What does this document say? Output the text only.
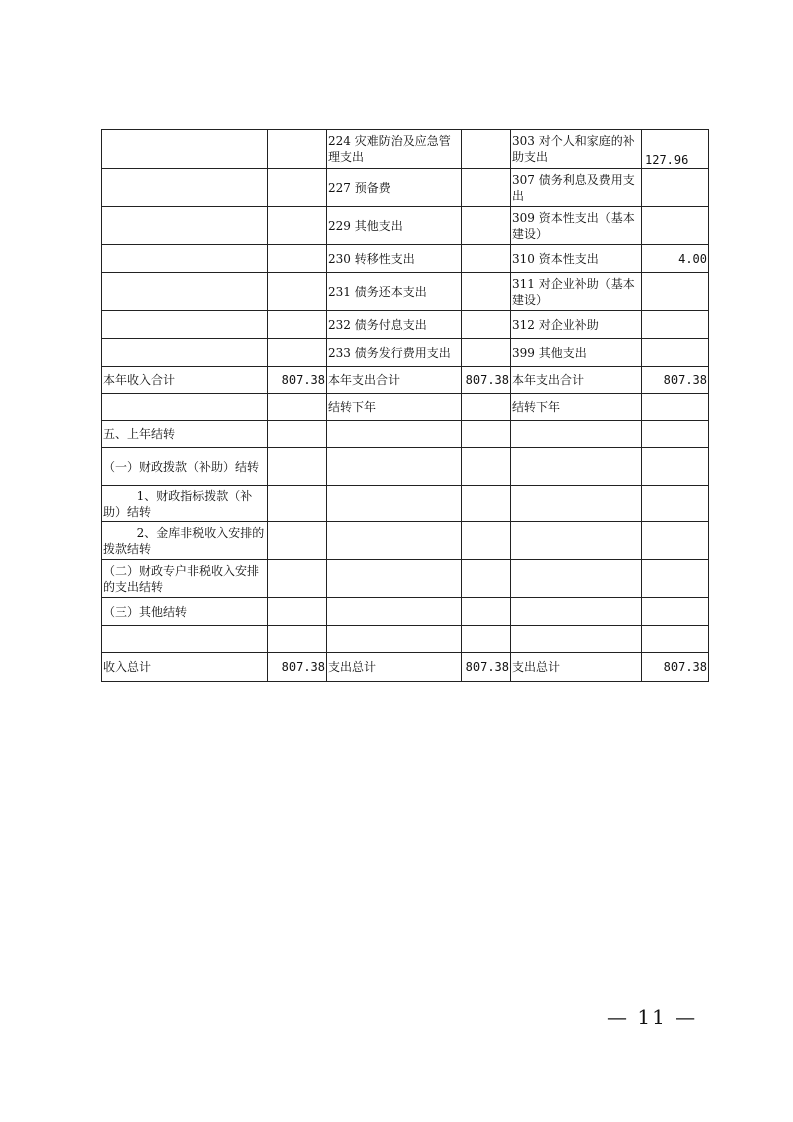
		224 灾难防治及应急管理支出		303 对个人和家庭的补助支出	127.96
		227 预备费		307 债务利息及费用支出	
		229 其他支出		309 资本性支出（基本建设）	
		230 转移性支出		310 资本性支出	4.00
		231 债务还本支出		311 对企业补助（基本建设）	
		232 债务付息支出		312 对企业补助	
		233 债务发行费用支出		399 其他支出	
本年收入合计	807.38	本年支出合计	807.38	本年支出合计	807.38
		结转下年		结转下年	
五、上年结转					
（一）财政拨款（补助）结转					
1、财政指标拨款（补助）结转					
2、金库非税收入安排的拨款结转					
（二）财政专户非税收入安排的支出结转					
（三）其他结转					

收入总计	807.38	支出总计	807.38	支出总计	807.38
— 11 —
